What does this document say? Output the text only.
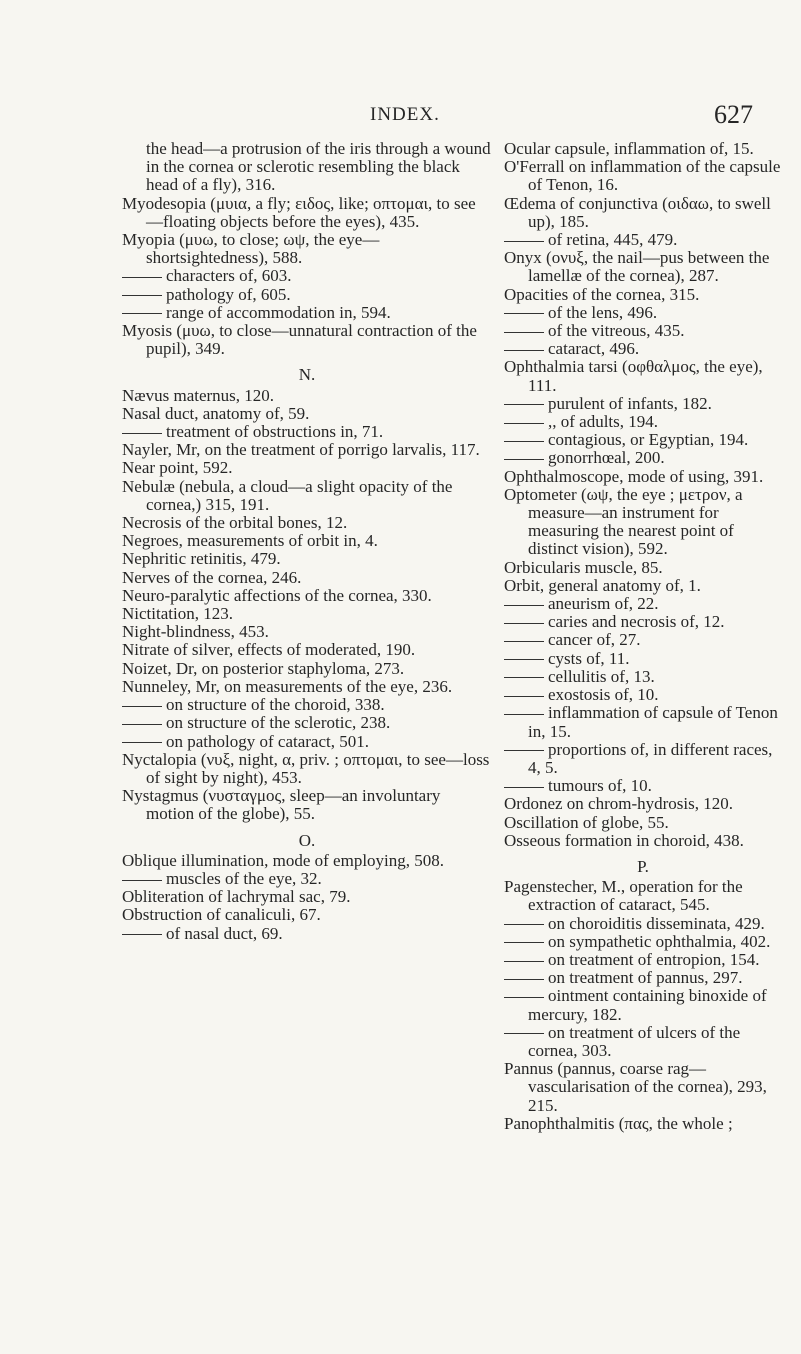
INDEX.	627

the head—a protrusion of the iris through a wound in the cornea or sclerotic resembling the black head of a fly), 316.

Myodesopia (μυια, a fly; ειδος, like; οπτομαι, to see—floating objects before the eyes), 435.

Myopia (μυω, to close; ωψ, the eye—shortsightedness), 588.

characters of, 603.

pathology of, 605.

range of accommodation in, 594.

Myosis (μυω, to close—unnatural contraction of the pupil), 349.

N.

Nævus maternus, 120.

Nasal duct, anatomy of, 59.

treatment of obstructions in, 71.

Nayler, Mr, on the treatment of porrigo larvalis, 117.

Near point, 592.

Nebulæ (nebula, a cloud—a slight opacity of the cornea,) 315, 191.

Necrosis of the orbital bones, 12.

Negroes, measurements of orbit in, 4.

Nephritic retinitis, 479.

Nerves of the cornea, 246.

Neuro-paralytic affections of the cornea, 330.

Nictitation, 123.

Night-blindness, 453.

Nitrate of silver, effects of moderated, 190.

Noizet, Dr, on posterior staphyloma, 273.

Nunneley, Mr, on measurements of the eye, 236.

on structure of the choroid, 338.

on structure of the sclerotic, 238.

on pathology of cataract, 501.

Nyctalopia (νυξ, night, α, priv. ; οπτομαι, to see—loss of sight by night), 453.

Nystagmus (νυσταγμος, sleep—an involuntary motion of the globe), 55.

O.

Oblique illumination, mode of employing, 508.

muscles of the eye, 32.

Obliteration of lachrymal sac, 79.

Obstruction of canaliculi, 67.

of nasal duct, 69.

Ocular capsule, inflammation of, 15.

O'Ferrall on inflammation of the capsule of Tenon, 16.

Œdema of conjunctiva (οιδαω, to swell up), 185.

of retina, 445, 479.

Onyx (ονυξ, the nail—pus between the lamellæ of the cornea), 287.

Opacities of the cornea, 315.

of the lens, 496.

of the vitreous, 435.

cataract, 496.

Ophthalmia tarsi (οφθαλμος, the eye), 111.

purulent of infants, 182.

,, of adults, 194.

contagious, or Egyptian, 194.

gonorrhœal, 200.

Ophthalmoscope, mode of using, 391.

Optometer (ωψ, the eye ; μετρον, a measure—an instrument for measuring the nearest point of distinct vision), 592.

Orbicularis muscle, 85.

Orbit, general anatomy of, 1.

aneurism of, 22.

caries and necrosis of, 12.

cancer of, 27.

cysts of, 11.

cellulitis of, 13.

exostosis of, 10.

inflammation of capsule of Tenon in, 15.

proportions of, in different races, 4, 5.

tumours of, 10.

Ordonez on chrom-hydrosis, 120.

Oscillation of globe, 55.

Osseous formation in choroid, 438.

P.

Pagenstecher, M., operation for the extraction of cataract, 545.

on choroiditis disseminata, 429.

on sympathetic ophthalmia, 402.

on treatment of entropion, 154.

on treatment of pannus, 297.

ointment containing binoxide of mercury, 182.

on treatment of ulcers of the cornea, 303.

Pannus (pannus, coarse rag—vascularisation of the cornea), 293, 215.

Panophthalmitis (πας, the whole ;
